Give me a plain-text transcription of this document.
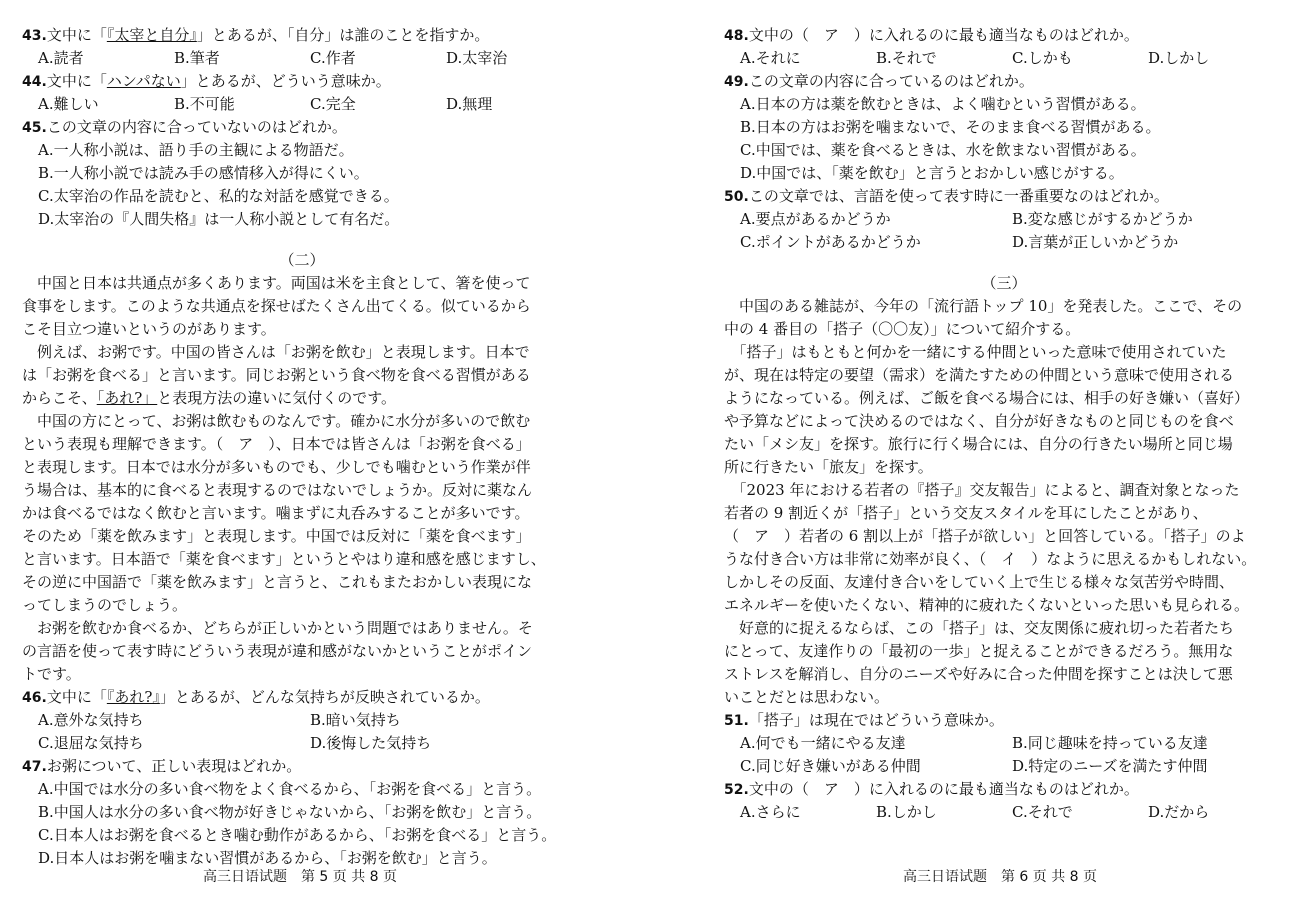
43.文中に「『太宰と自分』」とあるが、「自分」は誰のことを指すか。
A.読者	B.筆者	C.作者	D.太宰治
44.文中に「ハンパない」とあるが、どういう意味か。
A.難しい	B.不可能	C.完全	D.無理
45.この文章の内容に合っていないのはどれか。
A.一人称小説は、語り手の主観による物語だ。
B.一人称小説では読み手の感情移入が得にくい。
C.太宰治の作品を読むと、私的な対話を感覚できる。
D.太宰治の『人間失格』は一人称小説として有名だ。
（二）
　中国と日本は共通点が多くあります。両国は米を主食として、箸を使って
食事をします。このような共通点を探せばたくさん出てくる。似ているから
こそ目立つ違いというのがあります。
　例えば、お粥です。中国の皆さんは「お粥を飲む」と表現します。日本で
は「お粥を食べる」と言います。同じお粥という食べ物を食べる習慣がある
からこそ、「あれ?」と表現方法の違いに気付くのです。
　中国の方にとって、お粥は飲むものなんです。確かに水分が多いので飲む
という表現も理解できます。（　ア　）、日本では皆さんは「お粥を食べる」
と表現します。日本では水分が多いものでも、少しでも噛むという作業が伴
う場合は、基本的に食べると表現するのではないでしょうか。反対に薬なん
かは食べるではなく飲むと言います。噛まずに丸呑みすることが多いです。
そのため「薬を飲みます」と表現します。中国では反対に「薬を食べます」
と言います。日本語で「薬を食べます」というとやはり違和感を感じますし、
その逆に中国語で「薬を飲みます」と言うと、これもまたおかしい表現にな
ってしまうのでしょう。
　お粥を飲むか食べるか、どちらが正しいかという問題ではありません。そ
の言語を使って表す時にどういう表現が違和感がないかということがポイン
トです。
46.文中に「『あれ?』」とあるが、どんな気持ちが反映されているか。
A.意外な気持ち	B.暗い気持ち
C.退屈な気持ち	D.後悔した気持ち
47.お粥について、正しい表現はどれか。
A.中国では水分の多い食べ物をよく食べるから、「お粥を食べる」と言う。
B.中国人は水分の多い食べ物が好きじゃないから、「お粥を飲む」と言う。
C.日本人はお粥を食べるとき噛む動作があるから、「お粥を食べる」と言う。
D.日本人はお粥を噛まない習慣があるから、「お粥を飲む」と言う。
高三日语试题　第 5 页 共 8 页
48.文中の（　ア　）に入れるのに最も適当なものはどれか。
A.それに	B.それで	C.しかも	D.しかし
49.この文章の内容に合っているのはどれか。
A.日本の方は薬を飲むときは、よく噛むという習慣がある。
B.日本の方はお粥を噛まないで、そのまま食べる習慣がある。
C.中国では、薬を食べるときは、水を飲まない習慣がある。
D.中国では、「薬を飲む」と言うとおかしい感じがする。
50.この文章では、言語を使って表す時に一番重要なのはどれか。
A.要点があるかどうか	B.変な感じがするかどうか
C.ポイントがあるかどうか	D.言葉が正しいかどうか
（三）
　中国のある雑誌が、今年の「流行語トップ 10」を発表した。ここで、その
中の 4 番目の「搭子（〇〇友）」について紹介する。
　「搭子」はもともと何かを一緒にする仲間といった意味で使用されていた
が、現在は特定の要望（需求）を満たすための仲間という意味で使用される
ようになっている。例えば、ご飯を食べる場合には、相手の好き嫌い（喜好）
や予算などによって決めるのではなく、自分が好きなものと同じものを食べ
たい「メシ友」を探す。旅行に行く場合には、自分の行きたい場所と同じ場
所に行きたい「旅友」を探す。
　「2023 年における若者の『搭子』交友報告」によると、調査対象となった
若者の 9 割近くが「搭子」という交友スタイルを耳にしたことがあり、
（　ア　）若者の 6 割以上が「搭子が欲しい」と回答している。「搭子」のよ
うな付き合い方は非常に効率が良く、（　イ　）なように思えるかもしれない。
しかしその反面、友達付き合いをしていく上で生じる様々な気苦労や時間、
エネルギーを使いたくない、精神的に疲れたくないといった思いも見られる。
　好意的に捉えるならば、この「搭子」は、交友関係に疲れ切った若者たち
にとって、友達作りの「最初の一歩」と捉えることができるだろう。無用な
ストレスを解消し、自分のニーズや好みに合った仲間を探すことは決して悪
いことだとは思わない。
51.「搭子」は現在ではどういう意味か。
A.何でも一緒にやる友達	B.同じ趣味を持っている友達
C.同じ好き嫌いがある仲間	D.特定のニーズを満たす仲間
52.文中の（　ア　）に入れるのに最も適当なものはどれか。
A.さらに	B.しかし	C.それで	D.だから
高三日语试题　第 6 页 共 8 页
